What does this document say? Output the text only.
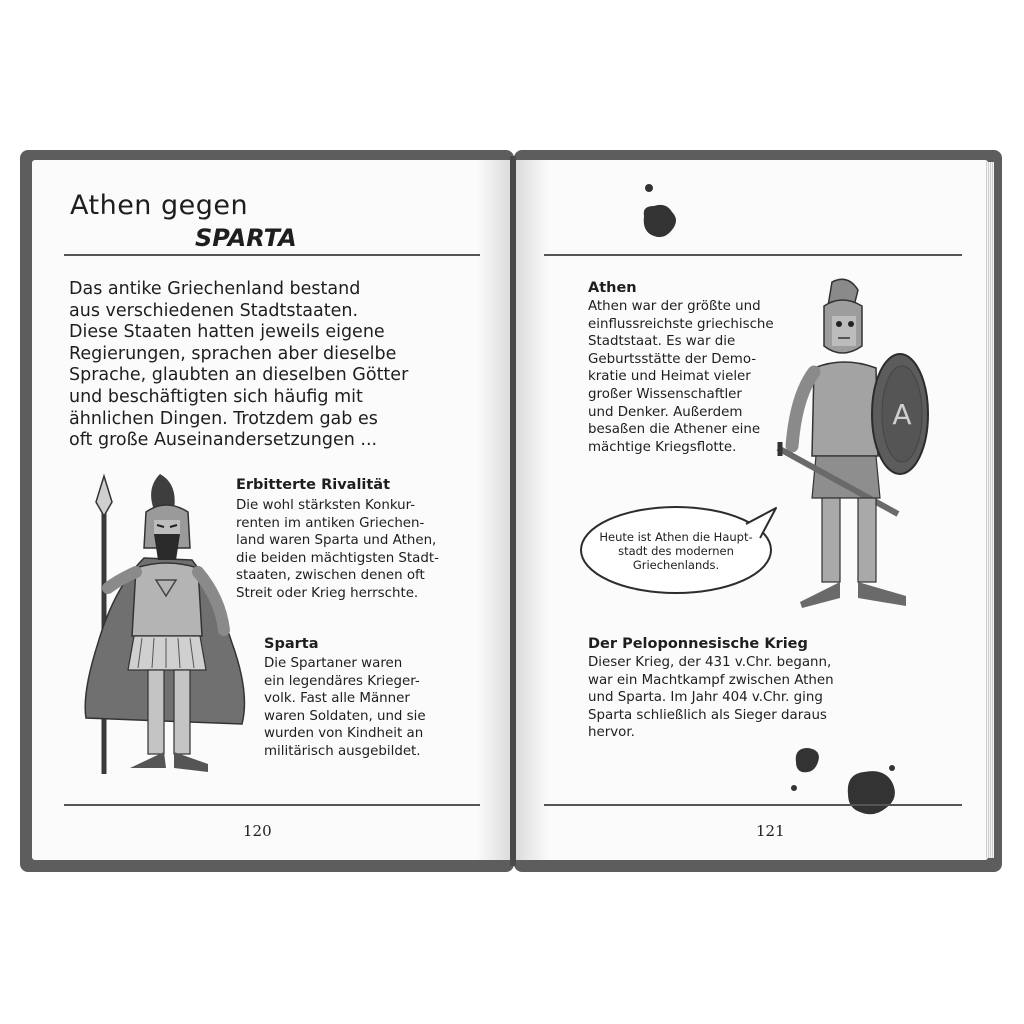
Athen gegen
SPARTA
Das antike Griechenland bestand
aus verschiedenen Stadtstaaten.
Diese Staaten hatten jeweils eigene
Regierungen, sprachen aber dieselbe
Sprache, glaubten an dieselben Götter
und beschäftigten sich häufig mit
ähnlichen Dingen. Trotzdem gab es
oft große Auseinandersetzungen ...
Erbitterte Rivalität
Die wohl stärksten Konkur-
renten im antiken Griechen-
land waren Sparta und Athen,
die beiden mächtigsten Stadt-
staaten, zwischen denen oft
Streit oder Krieg herrschte.
Sparta
Die Spartaner waren
ein legendäres Krieger-
volk. Fast alle Männer
waren Soldaten, und sie
wurden von Kindheit an
militärisch ausgebildet.
120
Athen
Athen war der größte und
einflussreichste griechische
Stadtstaat. Es war die
Geburtsstätte der Demo-
kratie und Heimat vieler
großer Wissenschaftler
und Denker. Außerdem
besaßen die Athener eine
mächtige Kriegsflotte.
A
Heute ist Athen die Haupt-
stadt des modernen
Griechenlands.
Der Peloponnesische Krieg
Dieser Krieg, der 431 v.Chr. begann,
war ein Machtkampf zwischen Athen
und Sparta. Im Jahr 404 v.Chr. ging
Sparta schließlich als Sieger daraus
hervor.
121
